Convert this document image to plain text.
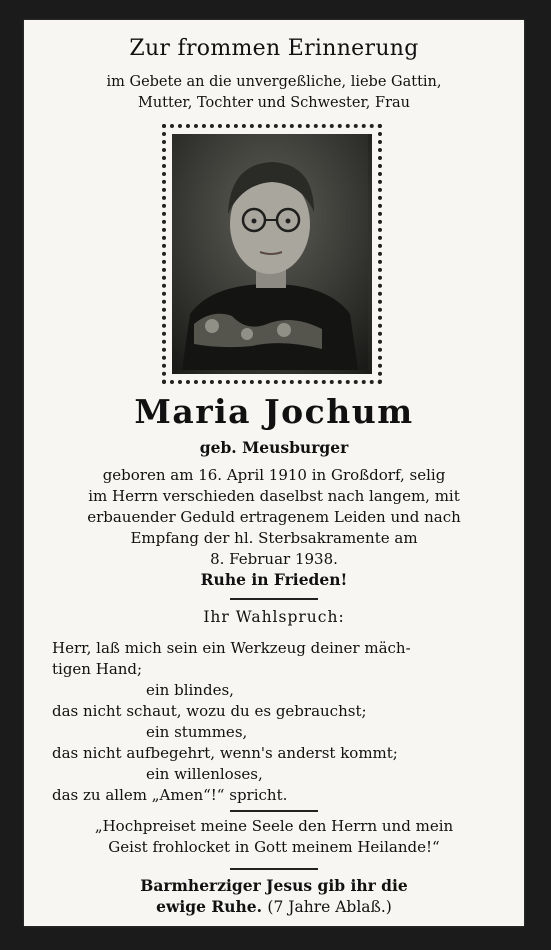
Zur frommen Erinnerung
im Gebete an die unvergeßliche, liebe Gattin,
Mutter, Tochter und Schwester, Frau
Maria Jochum
geb. Meusburger
geboren am 16. April 1910 in Großdorf, selig
im Herrn verschieden daselbst nach langem, mit
erbauender Geduld ertragenem Leiden und nach
Empfang der hl. Sterbsakramente am
8. Februar 1938.
Ruhe in Frieden!
Ihr Wahlspruch:
Herr, laß mich sein ein Werkzeug deiner mäch-
tigen Hand;
ein blindes,
das nicht schaut, wozu du es gebrauchst;
ein stummes,
das nicht aufbegehrt, wenn's anderst kommt;
ein willenloses,
das zu allem „Amen“!“ spricht.
„Hochpreiset meine Seele den Herrn und mein
Geist frohlocket in Gott meinem Heilande!“
Barmherziger Jesus gib ihr die
ewige Ruhe. (7 Jahre Ablaß.)
